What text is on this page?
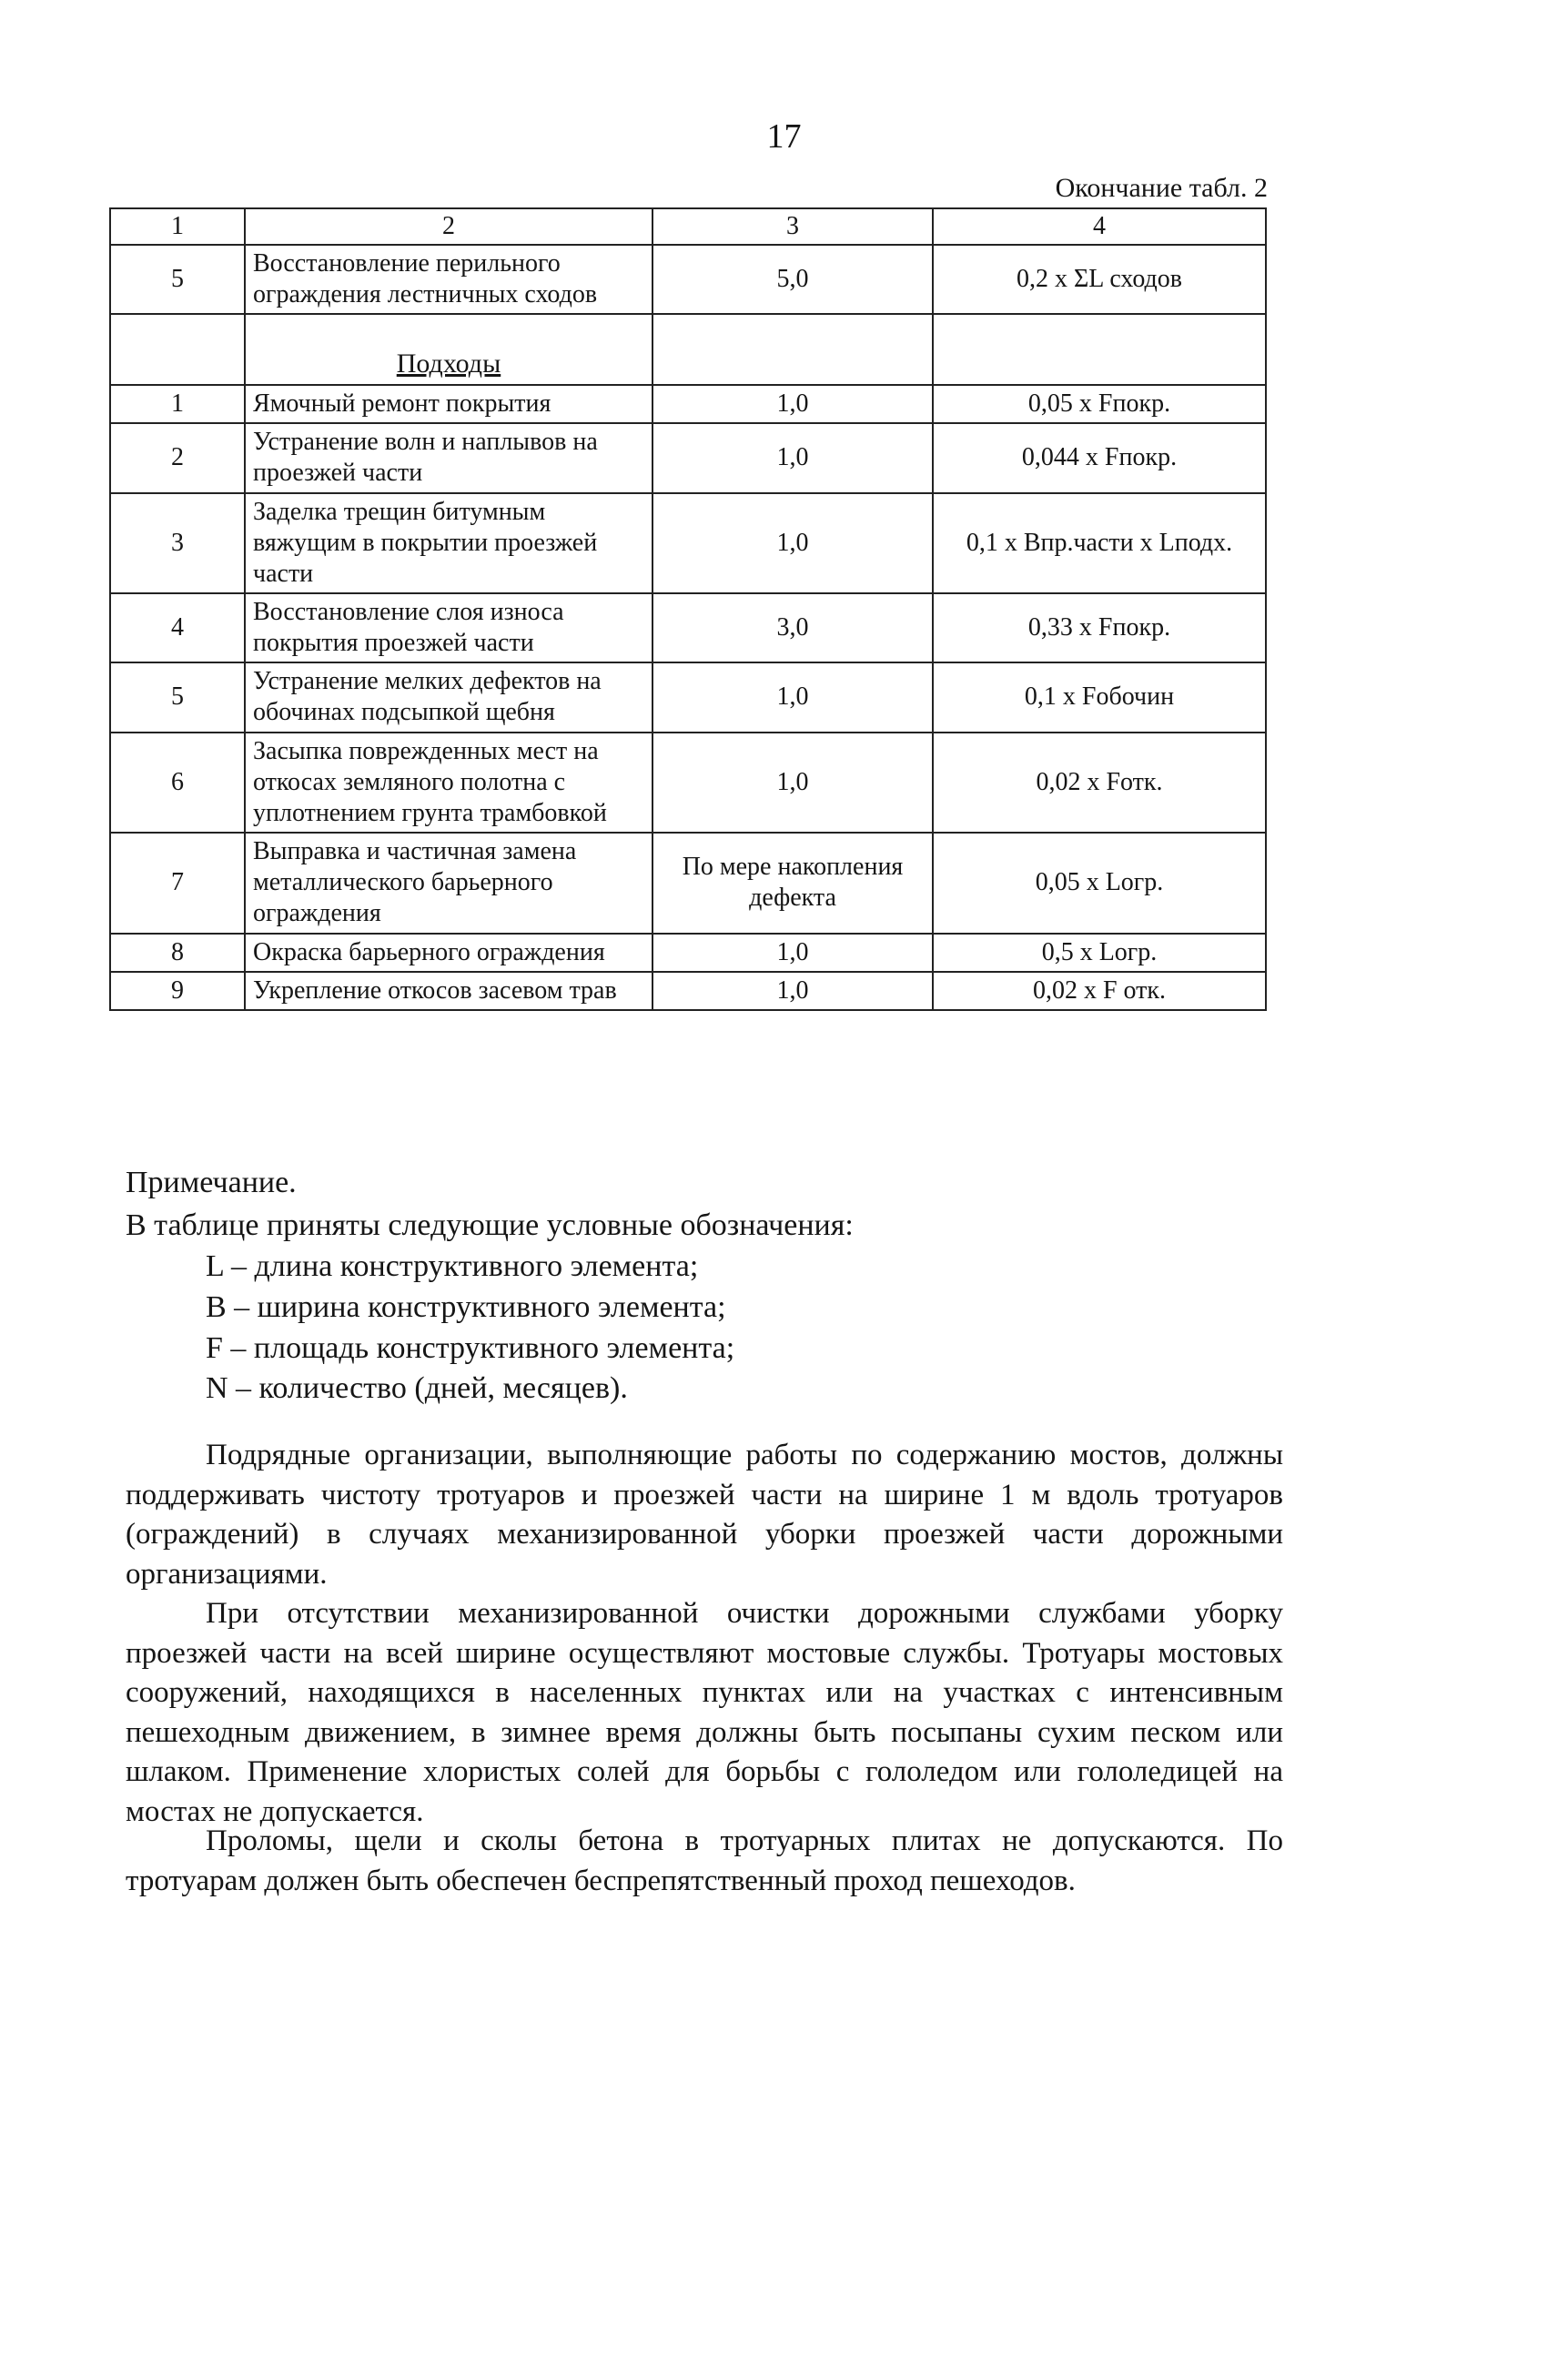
17
Окончание табл. 2
1	2	3	4
5	Восстановление перильного ограждения лестничных сходов	5,0	0,2 х ΣL сходов
	Подходы		
1	Ямочный ремонт покрытия	1,0	0,05 х Fпокр.
2	Устранение волн и наплывов на проезжей части	1,0	0,044 х Fпокр.
3	Заделка трещин битумным вяжущим в покрытии проезжей части	1,0	0,1 х Впр.части х Lподх.
4	Восстановление слоя износа покрытия проезжей части	3,0	0,33 х Fпокр.
5	Устранение мелких дефектов на обочинах подсыпкой щебня	1,0	0,1 х Fобочин
6	Засыпка поврежденных мест на откосах земляного полотна с уплотнением грунта трамбовкой	1,0	0,02 х Fотк.
7	Выправка и частичная замена металлического барьерного ограждения	По мере накопления дефекта	0,05 х Lогр.
8	Окраска барьерного ограждения	1,0	0,5 х Lогр.
9	Укрепление откосов засевом трав	1,0	0,02 х F отк.
Примечание.
В таблице приняты следующие условные обозначения:
L – длина конструктивного элемента;
B – ширина конструктивного элемента;
F – площадь конструктивного элемента;
N – количество (дней, месяцев).

Подрядные организации, выполняющие работы по содержанию мостов, должны поддерживать чистоту тротуаров и проезжей части на ширине 1 м вдоль тротуаров (ограждений) в случаях механизированной уборки проезжей части дорожными организациями.

При отсутствии механизированной очистки дорожными службами уборку проезжей части на всей ширине осуществляют мостовые службы. Тротуары мостовых сооружений, находящихся в населенных пунктах или на участках с интенсивным пешеходным движением, в зимнее время должны быть посыпаны сухим песком или шлаком. Применение хлористых солей для борьбы с гололедом или гололедицей на мостах не допускается.

Проломы, щели и сколы бетона в тротуарных плитах не допускаются. По тротуарам должен быть обеспечен беспрепятственный проход пешеходов.
